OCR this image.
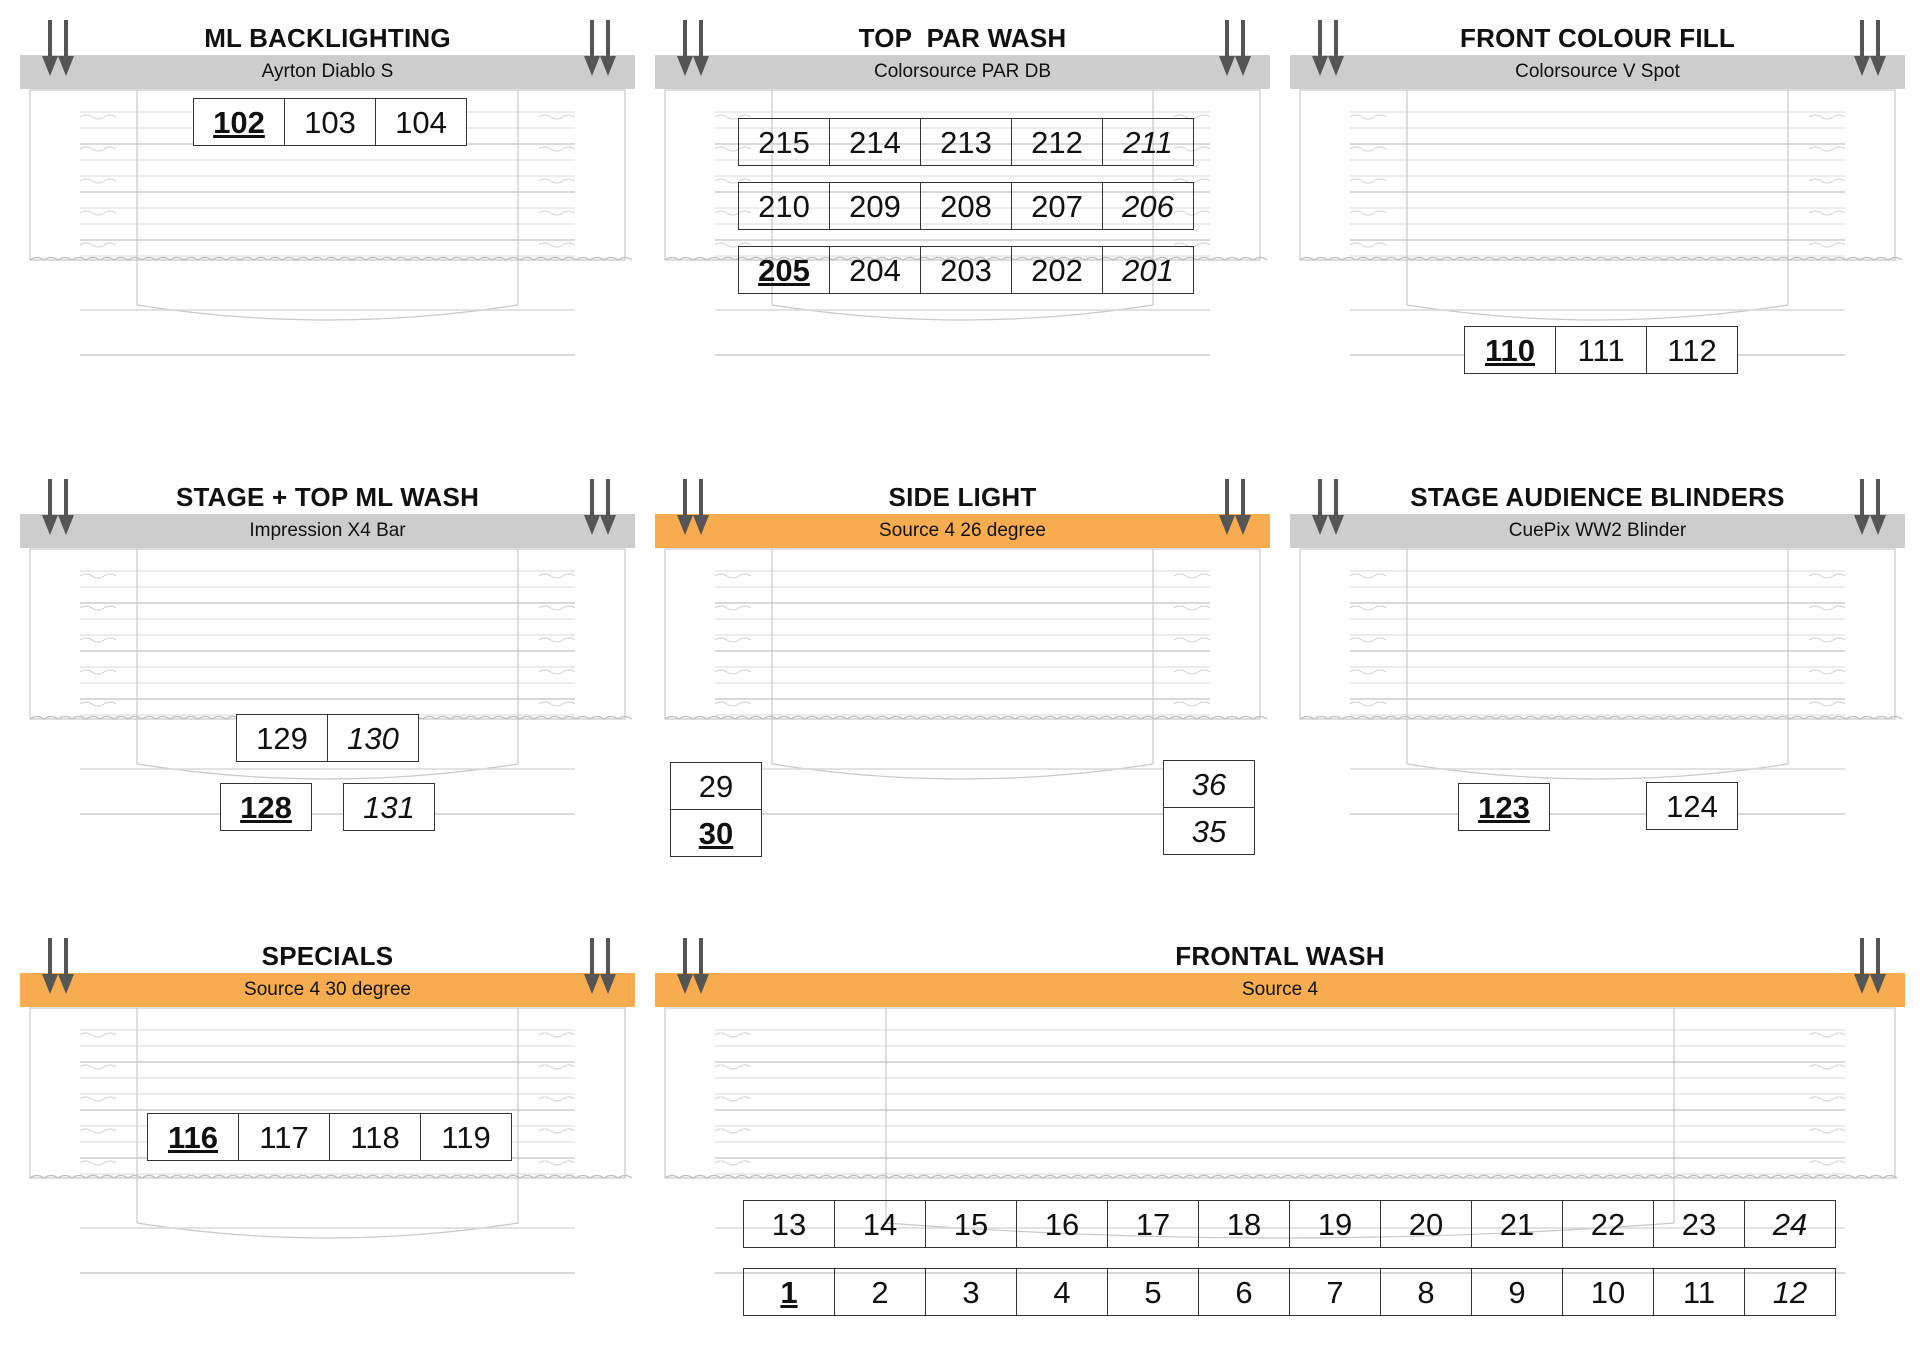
ML BACKLIGHTING
Ayrton Diablo S
102	103	104
TOP  PAR WASH
Colorsource PAR DB
215	214	213	212	211

210	209	208	207	206

205	204	203	202	201
FRONT COLOUR FILL
Colorsource V Spot
110	111	112
STAGE + TOP ML WASH
Impression X4 Bar
129	130
128 131
SIDE LIGHT
Source 4 26 degree
29
30
36
35
STAGE AUDIENCE BLINDERS
CuePix WW2 Blinder
123	124
SPECIALS
Source 4 30 degree
116	117	118	119
FRONTAL WASH
Source 4
13	14	15	16	17	18	19	20	21	22	23	24

1	2	3	4	5	6	7	8	9	10	11	12
